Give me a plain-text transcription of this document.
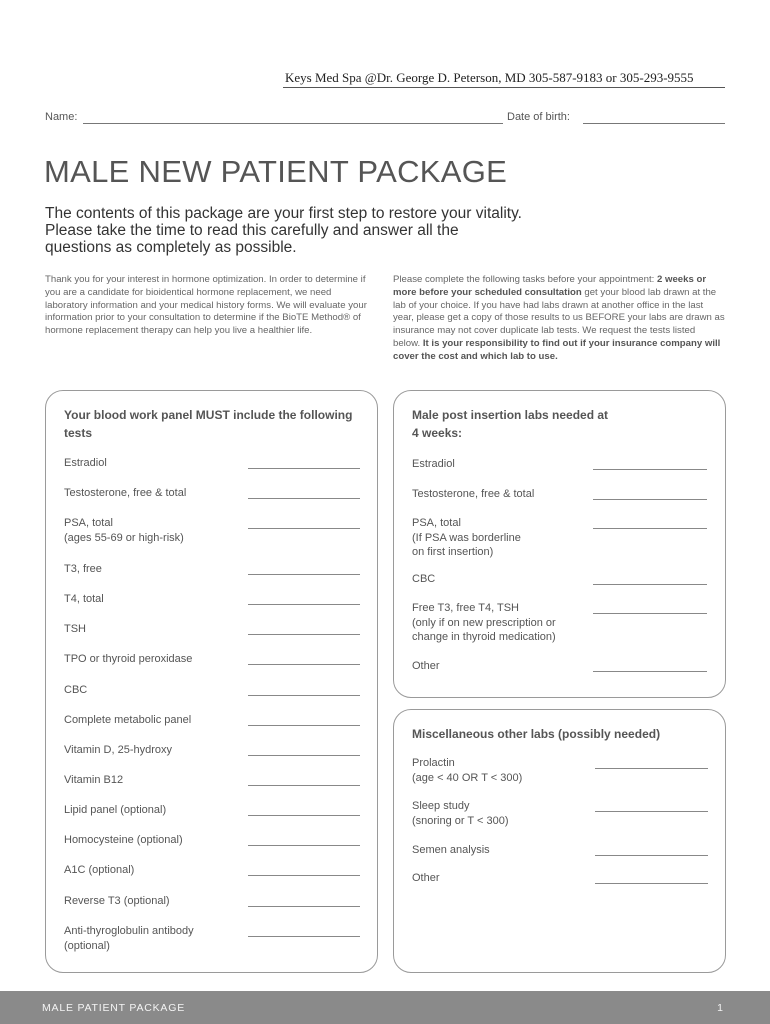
Keys Med Spa @Dr. George D. Peterson, MD 305-587-9183 or 305-293-9555
Name:	Date of birth:
MALE NEW PATIENT PACKAGE

The contents of this package are your first step to restore your vitality. Please take the time to read this carefully and answer all the questions as completely as possible.

Thank you for your interest in hormone optimization. In order to determine if you are a candidate for bioidentical hormone replacement, we need laboratory information and your medical history forms. We will evaluate your information prior to your consultation to determine if the BioTE Method® of hormone replacement therapy can help you live a healthier life.

Please complete the following tasks before your appointment: 2 weeks or more before your scheduled consultation get your blood lab drawn at the lab of your choice. If you have had labs drawn at another office in the last year, please get a copy of those results to us BEFORE your labs are drawn as insurance may not cover duplicate lab tests. We request the tests listed below. It is your responsibility to find out if your insurance company will cover the cost and which lab to use.

Your blood work panel MUST include the following tests

Estradiol

Testosterone, free & total

PSA, total
(ages 55-69 or high-risk)

T3, free

T4, total

TSH

TPO or thyroid peroxidase

CBC

Complete metabolic panel

Vitamin D, 25-hydroxy

Vitamin B12

Lipid panel (optional)

Homocysteine (optional)

A1C (optional)

Reverse T3 (optional)

Anti-thyroglobulin antibody
(optional)

Male post insertion labs needed at 4 weeks:

Estradiol

Testosterone, free & total

PSA, total
(If PSA was borderline
on first insertion)

CBC

Free T3, free T4, TSH
(only if on new prescription or
change in thyroid medication)

Other

Miscellaneous other labs (possibly needed)

Prolactin
(age < 40 OR T < 300)

Sleep study
(snoring or T < 300)

Semen analysis

Other

MALE PATIENT PACKAGE	1
